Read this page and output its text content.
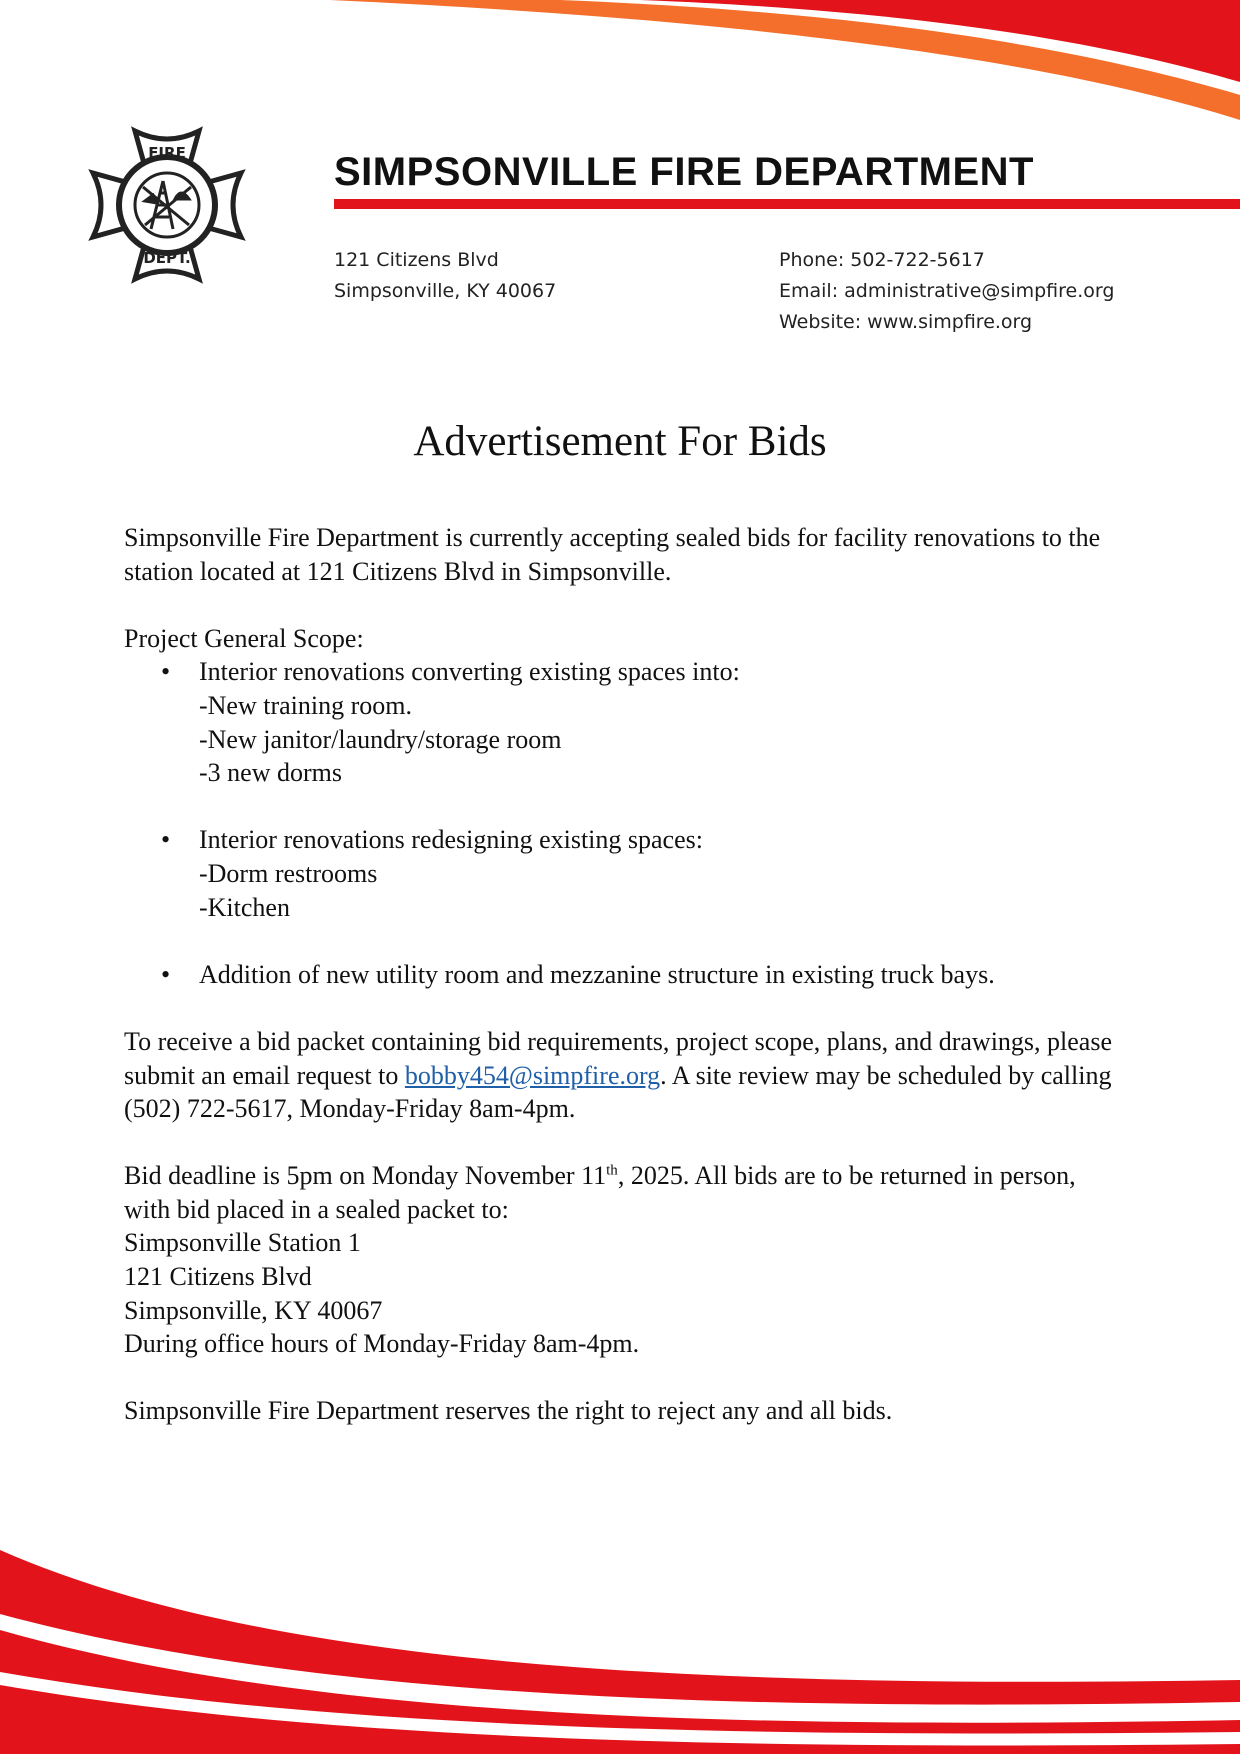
FIRE
DEPT.
SIMPSONVILLE FIRE DEPARTMENT
121 Citizens Blvd
Simpsonville, KY 40067
Phone: 502-722-5617
Email: administrative@simpfire.org
Website: www.simpfire.org
Advertisement For Bids

Simpsonville Fire Department is currently accepting sealed bids for facility renovations to the station located at 121 Citizens Blvd in Simpsonville.

Project General Scope:

• Interior renovations converting existing spaces into:
-New training room.
-New janitor/laundry/storage room
-3 new dorms
• Interior renovations redesigning existing spaces:
-Dorm restrooms
-Kitchen
• Addition of new utility room and mezzanine structure in existing truck bays.

To receive a bid packet containing bid requirements, project scope, plans, and drawings, please submit an email request to bobby454@simpfire.org. A site review may be scheduled by calling (502) 722-5617, Monday-Friday 8am-4pm.

Bid deadline is 5pm on Monday November 11th, 2025. All bids are to be returned in person, with bid placed in a sealed packet to:

Simpsonville Station 1

121 Citizens Blvd

Simpsonville, KY 40067

During office hours of Monday-Friday 8am-4pm.

Simpsonville Fire Department reserves the right to reject any and all bids.
